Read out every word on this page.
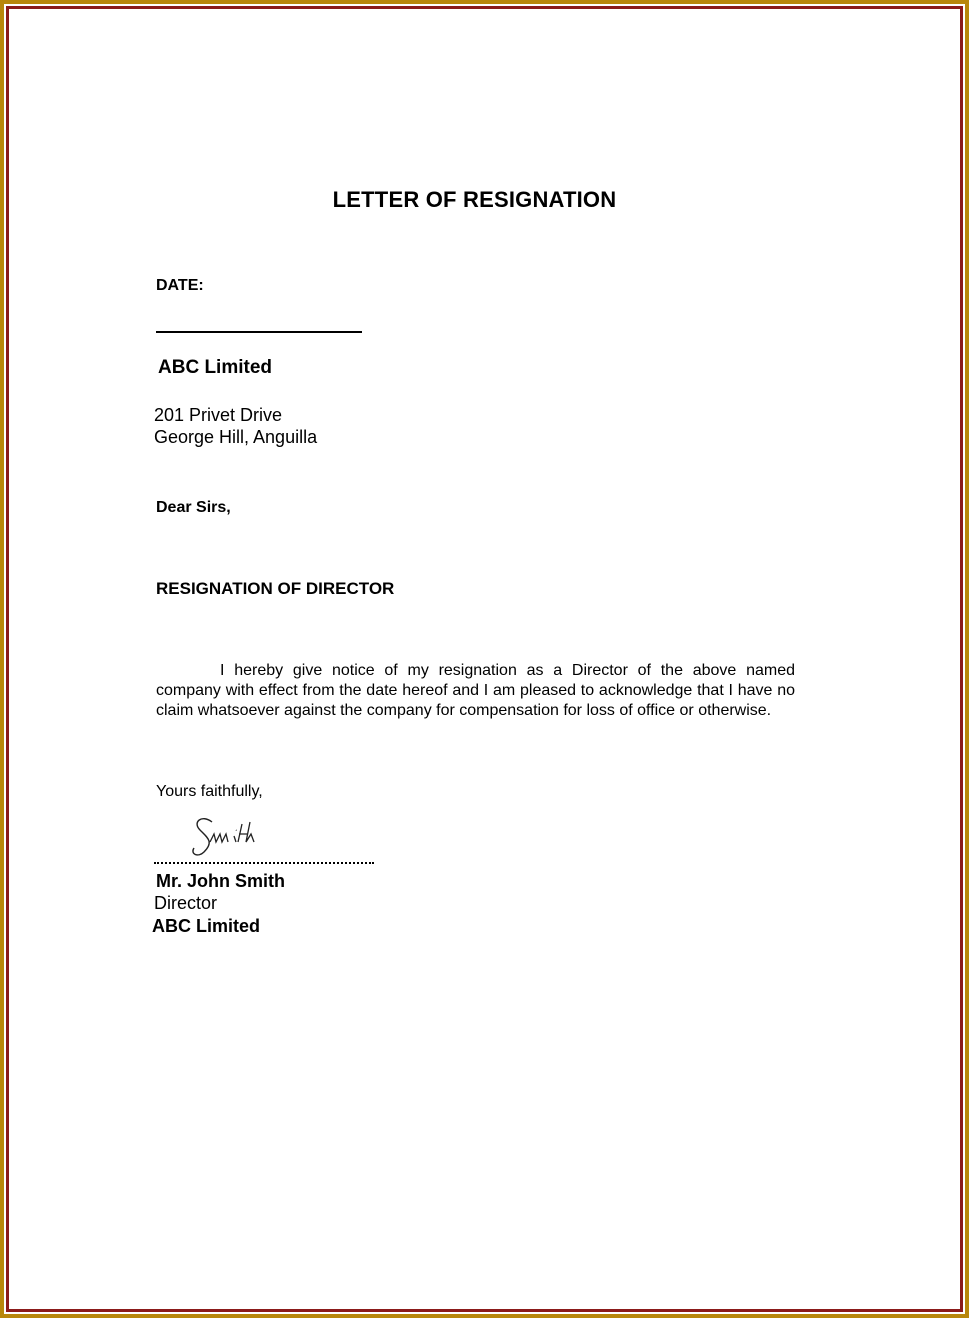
LETTER OF RESIGNATION
DATE:
ABC Limited
201 Privet Drive
George Hill, Anguilla
Dear Sirs,
RESIGNATION OF DIRECTOR
I hereby give notice of my resignation as a Director of the above named company with effect from the date hereof and I am pleased to acknowledge that I have no claim whatsoever against the company for compensation for loss of office or otherwise.
Yours faithfully,
Mr. John Smith
Director
ABC Limited
